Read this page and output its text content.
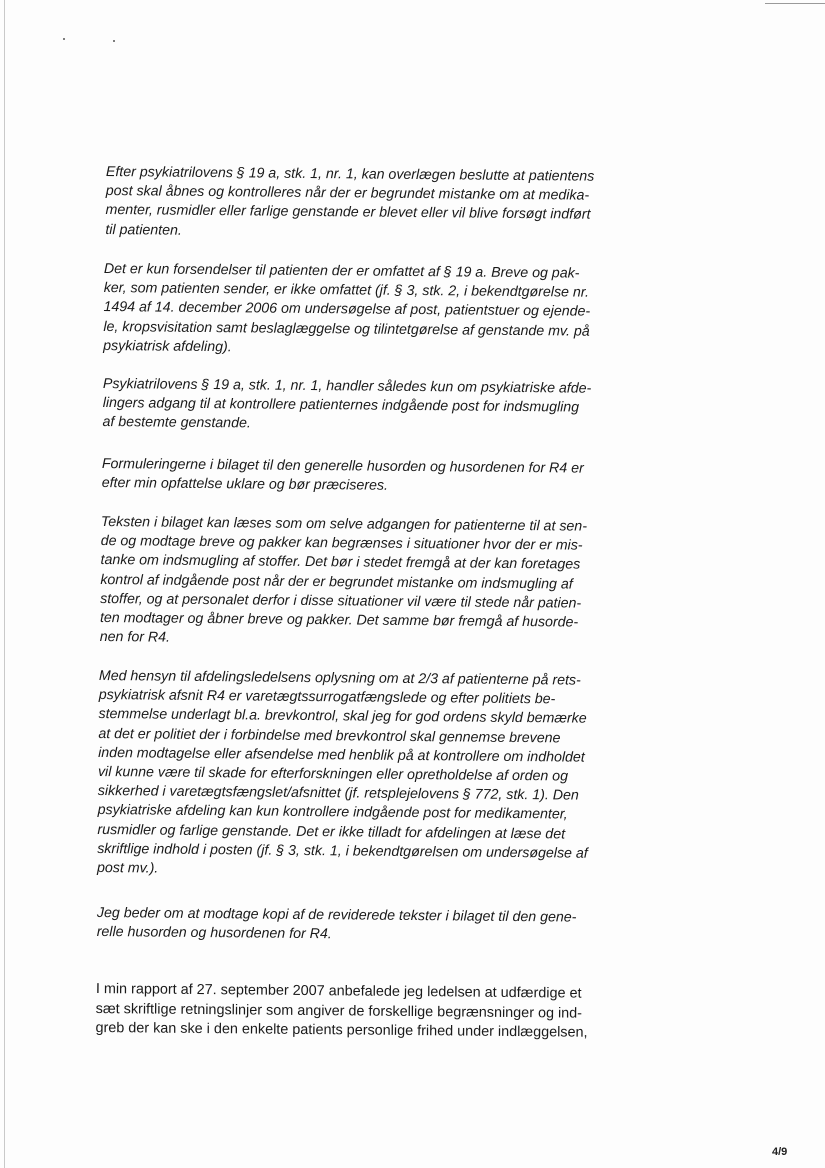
Efter psykiatrilovens § 19 a, stk. 1, nr. 1, kan overlægen beslutte at patientens
post skal åbnes og kontrolleres når der er begrundet mistanke om at medika-
menter, rusmidler eller farlige genstande er blevet eller vil blive forsøgt indført
til patienten.

Det er kun forsendelser til patienten der er omfattet af § 19 a. Breve og pak-
ker, som patienten sender, er ikke omfattet (jf. § 3, stk. 2, i bekendtgørelse nr.
1494 af 14. december 2006 om undersøgelse af post, patientstuer og ejende-
le, kropsvisitation samt beslaglæggelse og tilintetgørelse af genstande mv. på
psykiatrisk afdeling).

Psykiatrilovens § 19 a, stk. 1, nr. 1, handler således kun om psykiatriske afde-
lingers adgang til at kontrollere patienternes indgående post for indsmugling
af bestemte genstande.

Formuleringerne i bilaget til den generelle husorden og husordenen for R4 er
efter min opfattelse uklare og bør præciseres.

Teksten i bilaget kan læses som om selve adgangen for patienterne til at sen-
de og modtage breve og pakker kan begrænses i situationer hvor der er mis-
tanke om indsmugling af stoffer. Det bør i stedet fremgå at der kan foretages
kontrol af indgående post når der er begrundet mistanke om indsmugling af
stoffer, og at personalet derfor i disse situationer vil være til stede når patien-
ten modtager og åbner breve og pakker. Det samme bør fremgå af husorde-
nen for R4.

Med hensyn til afdelingsledelsens oplysning om at 2/3 af patienterne på rets-
psykiatrisk afsnit R4 er varetægtssurrogatfængslede og efter politiets be-
stemmelse underlagt bl.a. brevkontrol, skal jeg for god ordens skyld bemærke
at det er politiet der i forbindelse med brevkontrol skal gennemse brevene
inden modtagelse eller afsendelse med henblik på at kontrollere om indholdet
vil kunne være til skade for efterforskningen eller opretholdelse af orden og
sikkerhed i varetægtsfængslet/afsnittet (jf. retsplejelovens § 772, stk. 1). Den
psykiatriske afdeling kan kun kontrollere indgående post for medikamenter,
rusmidler og farlige genstande. Det er ikke tilladt for afdelingen at læse det
skriftlige indhold i posten (jf. § 3, stk. 1, i bekendtgørelsen om undersøgelse af
post mv.).

Jeg beder om at modtage kopi af de reviderede tekster i bilaget til den gene-
relle husorden og husordenen for R4.

I min rapport af 27. september 2007 anbefalede jeg ledelsen at udfærdige et
sæt skriftlige retningslinjer som angiver de forskellige begrænsninger og ind-
greb der kan ske i den enkelte patients personlige frihed under indlæggelsen,

4/9
